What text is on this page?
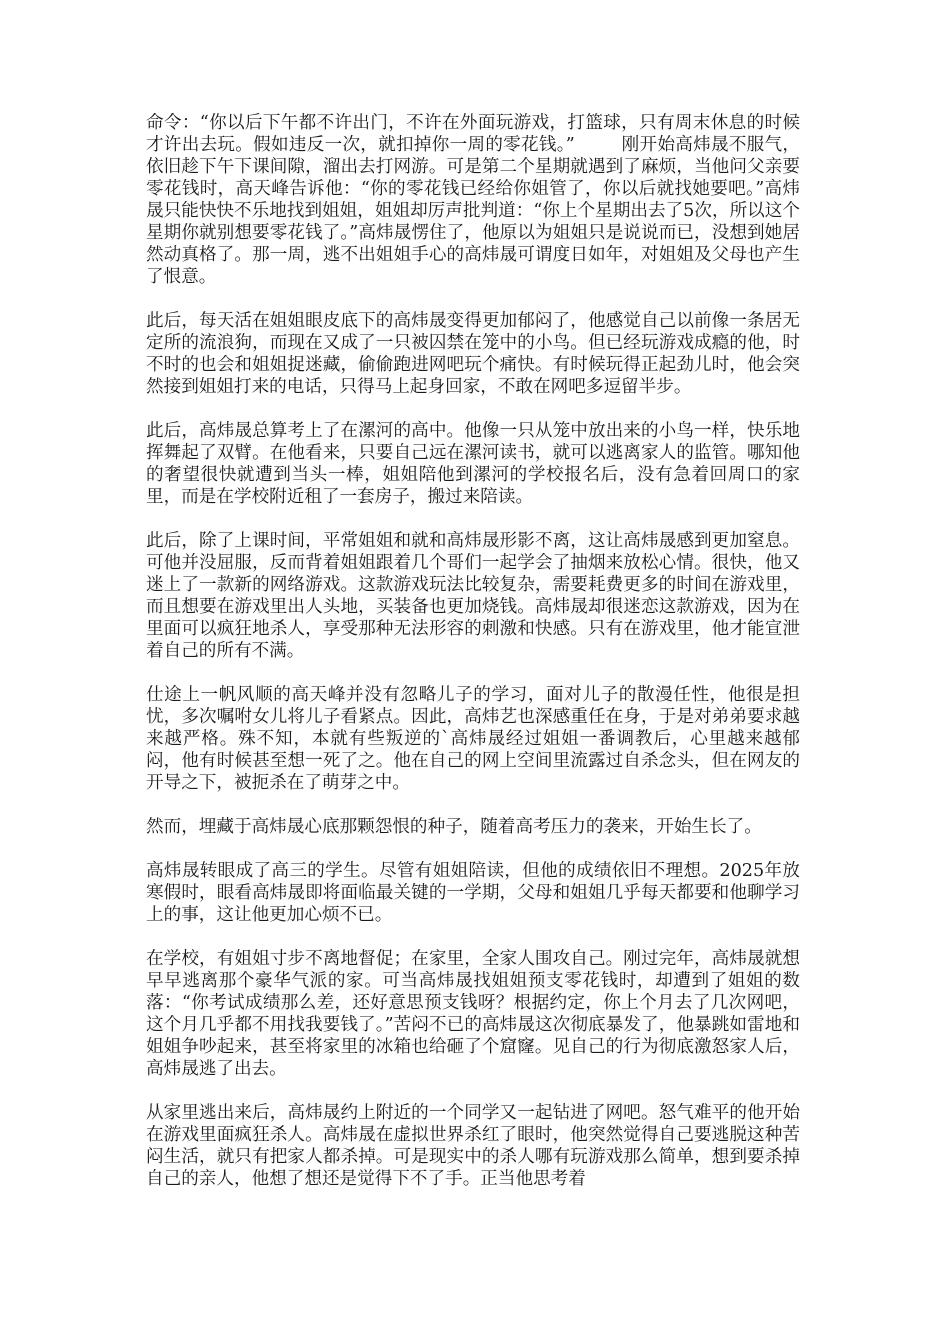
命令：“你以后下午都不许出门，不许在外面玩游戏，打篮球，只有周末休息的时候才许出去玩。假如违反一次，就扣掉你一周的零花钱。”        刚开始高炜晟不服气，依旧趁下午下课间隙，溜出去打网游。可是第二个星期就遇到了麻烦，当他问父亲要零花钱时，高天峰告诉他：“你的零花钱已经给你姐管了，你以后就找她要吧。”高炜晟只能快快不乐地找到姐姐，姐姐却厉声批判道：“你上个星期出去了5次，所以这个星期你就别想要零花钱了。”高炜晟愣住了，他原以为姐姐只是说说而已，没想到她居然动真格了。那一周，逃不出姐姐手心的高炜晟可谓度日如年，对姐姐及父母也产生了恨意。

此后，每天活在姐姐眼皮底下的高炜晟变得更加郁闷了，他感觉自己以前像一条居无定所的流浪狗，而现在又成了一只被囚禁在笼中的小鸟。但已经玩游戏成瘾的他，时不时的也会和姐姐捉迷藏，偷偷跑进网吧玩个痛快。有时候玩得正起劲儿时，他会突然接到姐姐打来的电话，只得马上起身回家，不敢在网吧多逗留半步。

此后，高炜晟总算考上了在漯河的高中。他像一只从笼中放出来的小鸟一样，快乐地挥舞起了双臂。在他看来，只要自己远在漯河读书，就可以逃离家人的监管。哪知他的奢望很快就遭到当头一棒，姐姐陪他到漯河的学校报名后，没有急着回周口的家里，而是在学校附近租了一套房子，搬过来陪读。

此后，除了上课时间，平常姐姐和就和高炜晟形影不离，这让高炜晟感到更加窒息。可他并没屈服，反而背着姐姐跟着几个哥们一起学会了抽烟来放松心情。很快，他又迷上了一款新的网络游戏。这款游戏玩法比较复杂，需要耗费更多的时间在游戏里，而且想要在游戏里出人头地，买装备也更加烧钱。高炜晟却很迷恋这款游戏，因为在里面可以疯狂地杀人，享受那种无法形容的刺激和快感。只有在游戏里，他才能宣泄着自己的所有不满。

仕途上一帆风顺的高天峰并没有忽略儿子的学习，面对儿子的散漫任性，他很是担忧，多次嘱咐女儿将儿子看紧点。因此，高炜艺也深感重任在身，于是对弟弟要求越来越严格。殊不知，本就有些叛逆的`高炜晟经过姐姐一番调教后，心里越来越郁闷，他有时候甚至想一死了之。他在自己的网上空间里流露过自杀念头，但在网友的开导之下，被扼杀在了萌芽之中。

然而，埋藏于高炜晟心底那颗怨恨的种子，随着高考压力的袭来，开始生长了。

高炜晟转眼成了高三的学生。尽管有姐姐陪读，但他的成绩依旧不理想。2025年放寒假时，眼看高炜晟即将面临最关键的一学期，父母和姐姐几乎每天都要和他聊学习上的事，这让他更加心烦不已。

在学校，有姐姐寸步不离地督促；在家里，全家人围攻自己。刚过完年，高炜晟就想早早逃离那个豪华气派的家。可当高炜晟找姐姐预支零花钱时，却遭到了姐姐的数落：“你考试成绩那么差，还好意思预支钱呀？根据约定，你上个月去了几次网吧，这个月几乎都不用找我要钱了。”苦闷不已的高炜晟这次彻底暴发了，他暴跳如雷地和姐姐争吵起来，甚至将家里的冰箱也给砸了个窟窿。见自己的行为彻底激怒家人后，高炜晟逃了出去。

从家里逃出来后，高炜晟约上附近的一个同学又一起钻进了网吧。怒气难平的他开始在游戏里面疯狂杀人。高炜晟在虚拟世界杀红了眼时，他突然觉得自己要逃脱这种苦闷生活，就只有把家人都杀掉。可是现实中的杀人哪有玩游戏那么简单，想到要杀掉自己的亲人，他想了想还是觉得下不了手。正当他思考着
